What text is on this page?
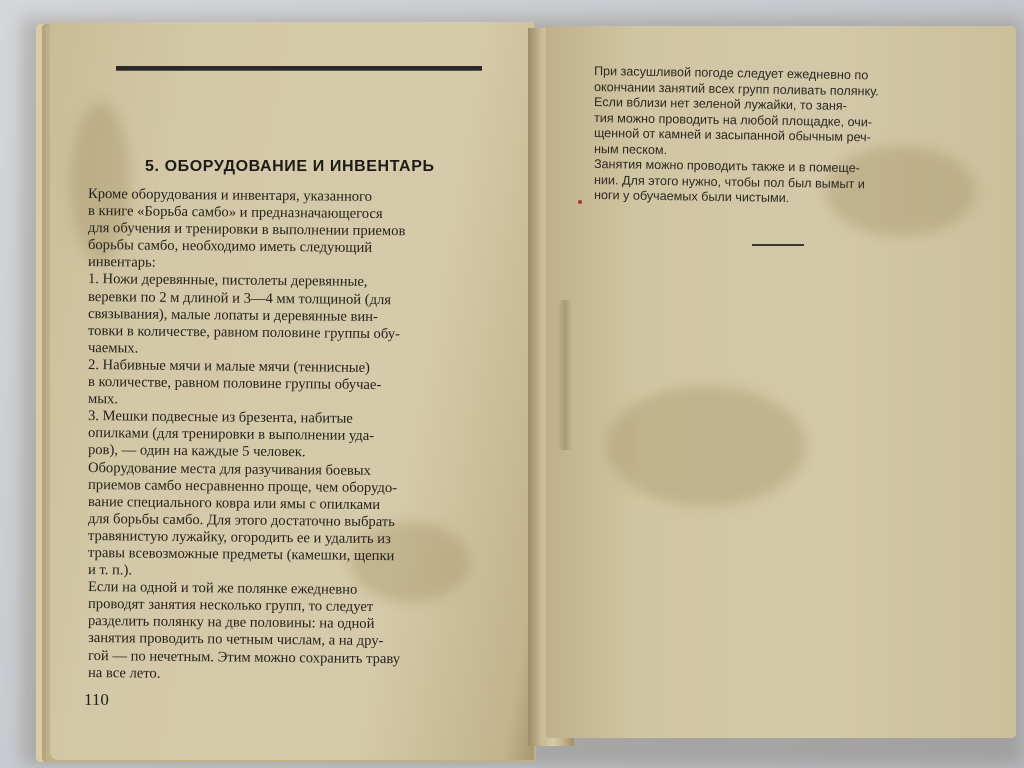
5. ОБОРУДОВАНИЕ И ИНВЕНТАРЬ
Кроме оборудования и инвентаря, указанного
в книге «Борьба самбо» и предназначающегося
для обучения и тренировки в выполнении приемов
борьбы самбо, необходимо иметь следующий
инвентарь:
1. Ножи деревянные, пистолеты деревянные,
веревки по 2 м длиной и 3—4 мм толщиной (для
связывания), малые лопаты и деревянные вин-
товки в количестве, равном половине группы обу-
чаемых.
2. Набивные мячи и малые мячи (теннисные)
в количестве, равном половине группы обучае-
мых.
3. Мешки подвесные из брезента, набитые
опилками (для тренировки в выполнении уда-
ров), — один на каждые 5 человек.
Оборудование места для разучивания боевых
приемов самбо несравненно проще, чем оборудо-
вание специального ковра или ямы с опилками
для борьбы самбо. Для этого достаточно выбрать
травянистую лужайку, огородить ее и удалить из
травы всевозможные предметы (камешки, щепки
и т. п.).
Если на одной и той же полянке ежедневно
проводят занятия несколько групп, то следует
разделить полянку на две половины: на одной
занятия проводить по четным числам, а на дру-
гой — по нечетным. Этим можно сохранить траву
на все лето.
110
При засушливой погоде следует ежедневно по
окончании занятий всех групп поливать полянку.
Если вблизи нет зеленой лужайки, то заня-
тия можно проводить на любой площадке, очи-
щенной от камней и засыпанной обычным реч-
ным песком.
Занятия можно проводить также и в помеще-
нии. Для этого нужно, чтобы пол был вымыт и
ноги у обучаемых были чистыми.
